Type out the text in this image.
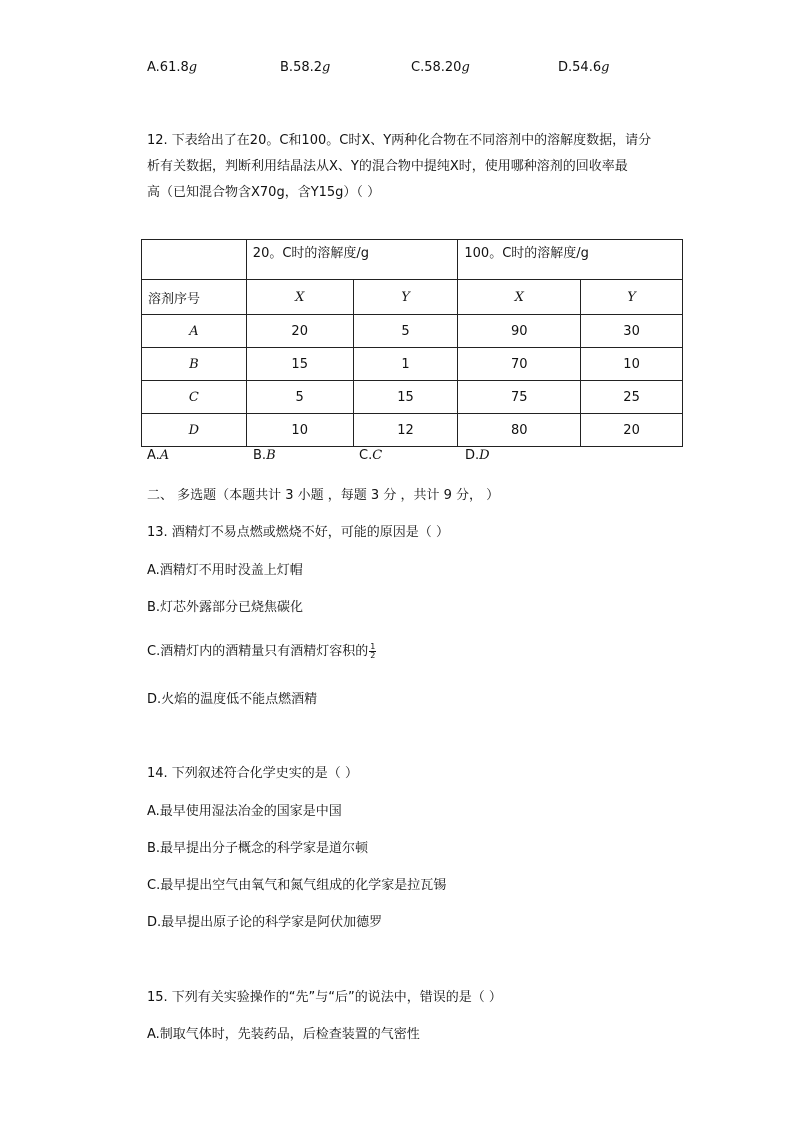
A.61.8g	B.58.2g	C.58.20g	D.54.6g
12. 下表给出了在20。C和100。C时X、Y两种化合物在不同溶剂中的溶解度数据，请分
析有关数据，判断利用结晶法从X、Y的混合物中提纯X时，使用哪种溶剂的回收率最
高（已知混合物含X70g，含Y15g）（ ）
	20。C时的溶解度/g		100。C时的溶解度/g	
溶剂序号	X	Y	X	Y
A	20	5	90	30
B	15	1	70	10
C	5	15	75	25
D	10	12	80	20
A.A	B.B	C.C	D.D
二、 多选题（本题共计 3 小题 ，每题 3 分 ，共计 9 分， ）
13. 酒精灯不易点燃或燃烧不好，可能的原因是（ ）
A.酒精灯不用时没盖上灯帽
B.灯芯外露部分已烧焦碳化
C.酒精灯内的酒精量只有酒精灯容积的 $\frac{1}{2}$
D.火焰的温度低不能点燃酒精
14. 下列叙述符合化学史实的是（ ）
A.最早使用湿法冶金的国家是中国
B.最早提出分子概念的科学家是道尔顿
C.最早提出空气由氧气和氮气组成的化学家是拉瓦锡
D.最早提出原子论的科学家是阿伏加德罗
15. 下列有关实验操作的“先”与“后”的说法中，错误的是（ ）
A.制取气体时，先装药品，后检查装置的气密性
